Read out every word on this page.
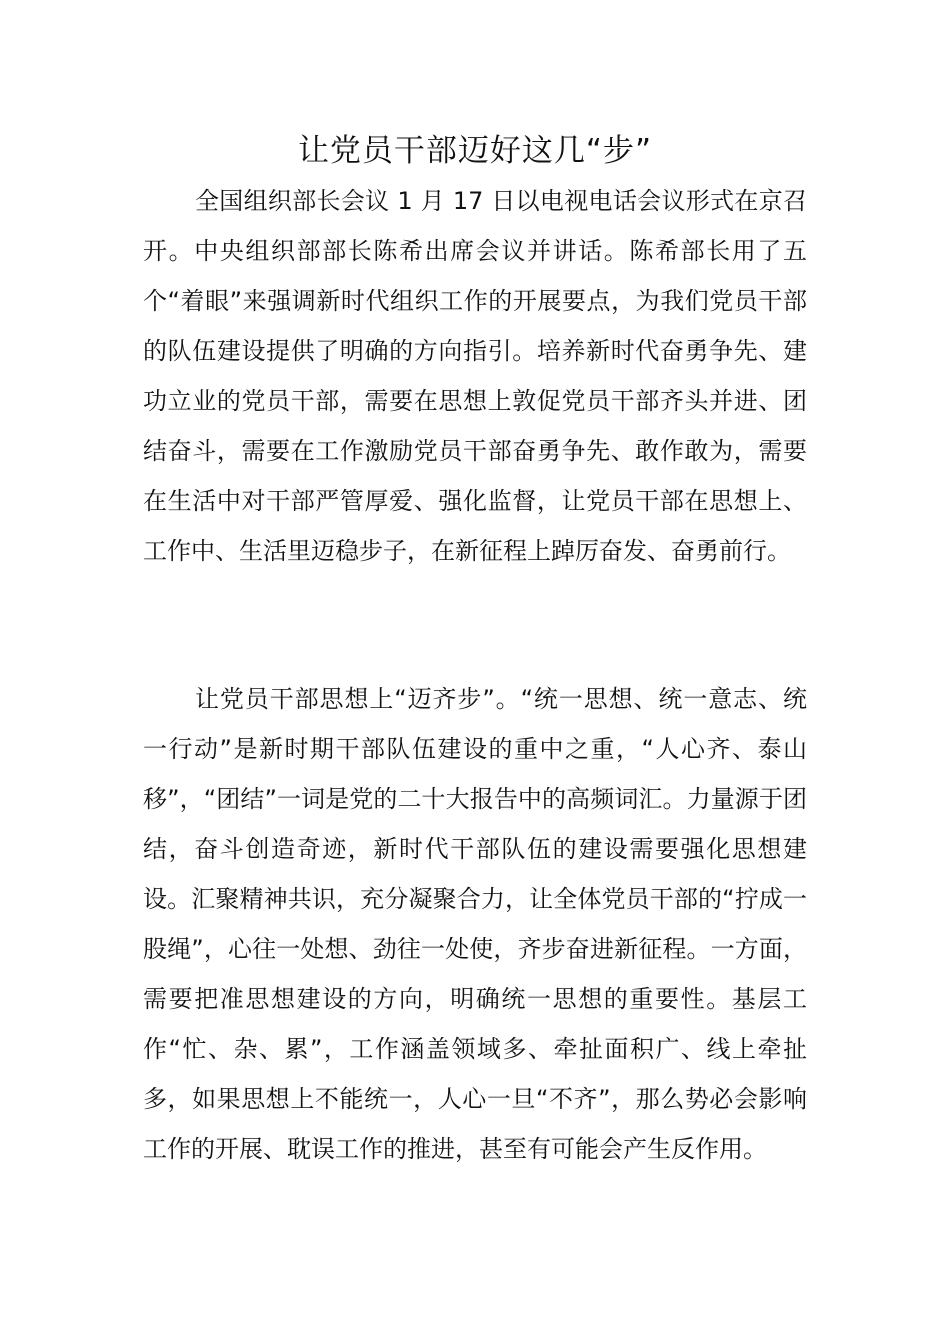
让党员干部迈好这几“步”

全国组织部长会议 1 月 17 日以电视电话会议形式在京召开。中央组织部部长陈希出席会议并讲话。陈希部长用了五个“着眼”来强调新时代组织工作的开展要点，为我们党员干部的队伍建设提供了明确的方向指引。培养新时代奋勇争先、建功立业的党员干部，需要在思想上敦促党员干部齐头并进、团结奋斗，需要在工作激励党员干部奋勇争先、敢作敢为，需要在生活中对干部严管厚爱、强化监督，让党员干部在思想上、工作中、生活里迈稳步子，在新征程上踔厉奋发、奋勇前行。

让党员干部思想上“迈齐步”。“统一思想、统一意志、统一行动”是新时期干部队伍建设的重中之重，“人心齐、泰山移”，“团结”一词是党的二十大报告中的高频词汇。力量源于团结，奋斗创造奇迹，新时代干部队伍的建设需要强化思想建设。汇聚精神共识，充分凝聚合力，让全体党员干部的“拧成一股绳”，心往一处想、劲往一处使，齐步奋进新征程。一方面，需要把准思想建设的方向，明确统一思想的重要性。基层工作“忙、杂、累”，工作涵盖领域多、牵扯面积广、线上牵扯多，如果思想上不能统一，人心一旦“不齐”，那么势必会影响工作的开展、耽误工作的推进，甚至有可能会产生反作用。
